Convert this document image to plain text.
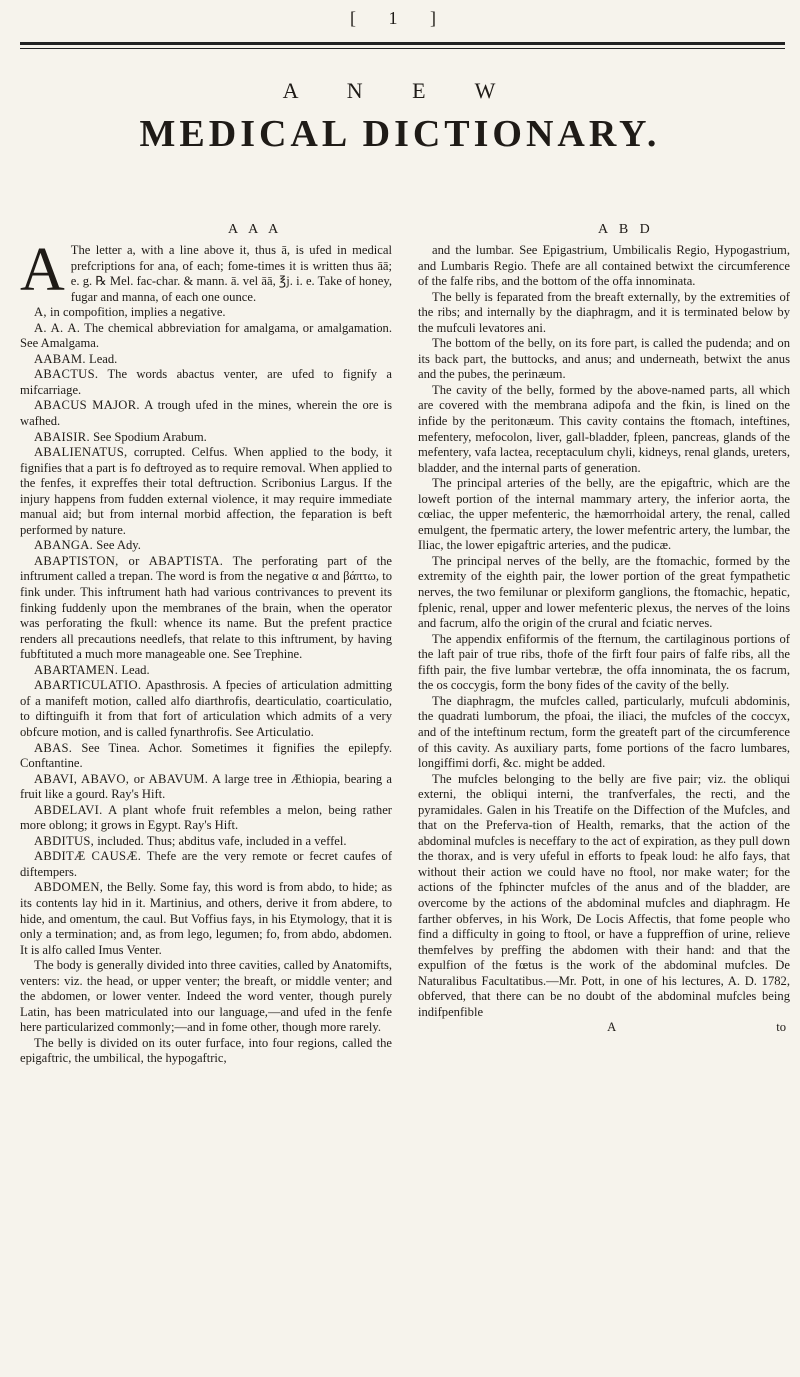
[ 1 ]
A N E W
MEDICAL DICTIONARY.
A A A	A B D

A The letter a, with a line above it, thus ā, is ufed in medical prefcriptions for ana, of each; fome-times it is written thus āā; e. g. ℞ Mel. fac-char. & mann. ā. vel āā, ℥j. i. e. Take of honey, fugar and manna, of each one ounce.

A, in compofition, implies a negative.

A. A. A. The chemical abbreviation for amalgama, or amalgamation. See Amalgama.

AABAM. Lead.

ABACTUS. The words abactus venter, are ufed to fignify a mifcarriage.

ABACUS MAJOR. A trough ufed in the mines, wherein the ore is wafhed.

ABAISIR. See Spodium Arabum.

ABALIENATUS, corrupted. Celfus. When applied to the body, it fignifies that a part is fo deftroyed as to require removal. When applied to the fenfes, it expreffes their total deftruction. Scribonius Largus. If the injury happens from fudden external violence, it may require immediate manual aid; but from internal morbid affection, the feparation is beft performed by nature.

ABANGA. See Ady.

ABAPTISTON, or ABAPTISTA. The perforating part of the inftrument called a trepan. The word is from the negative α and βάπτω, to fink under. This inftrument hath had various contrivances to prevent its finking fuddenly upon the membranes of the brain, when the operator was perforating the fkull: whence its name. But the prefent practice renders all precautions needlefs, that relate to this inftrument, by having fubftituted a much more manageable one. See Trephine.

ABARTAMEN. Lead.

ABARTICULATIO. Apasthrosis. A fpecies of articulation admitting of a manifeft motion, called alfo diarthrofis, dearticulatio, coarticulatio, to diftinguifh it from that fort of articulation which admits of a very obfcure motion, and is called fynarthrofis. See Articulatio.

ABAS. See Tinea. Achor. Sometimes it fignifies the epilepfy. Conftantine.

ABAVI, ABAVO, or ABAVUM. A large tree in Æthiopia, bearing a fruit like a gourd. Ray's Hift.

ABDELAVI. A plant whofe fruit refembles a melon, being rather more oblong; it grows in Egypt. Ray's Hift.

ABDITUS, included. Thus; abditus vafe, included in a veffel.

ABDITÆ CAUSÆ. Thefe are the very remote or fecret caufes of diftempers.

ABDOMEN, the Belly. Some fay, this word is from abdo, to hide; as its contents lay hid in it. Martinius, and others, derive it from abdere, to hide, and omentum, the caul. But Voffius fays, in his Etymology, that it is only a termination; and, as from lego, legumen; fo, from abdo, abdomen. It is alfo called Imus Venter.

The body is generally divided into three cavities, called by Anatomifts, venters: viz. the head, or upper venter; the breaft, or middle venter; and the abdomen, or lower venter. Indeed the word venter, though purely Latin, has been matriculated into our language,—and ufed in the fenfe here particularized commonly;—and in fome other, though more rarely.

The belly is divided on its outer furface, into four regions, called the epigaftric, the umbilical, the hypogaftric,

and the lumbar. See Epigastrium, Umbilicalis Regio, Hypogastrium, and Lumbaris Regio. Thefe are all contained betwixt the circumference of the falfe ribs, and the bottom of the offa innominata.

The belly is feparated from the breaft externally, by the extremities of the ribs; and internally by the diaphragm, and it is terminated below by the mufculi levatores ani.

The bottom of the belly, on its fore part, is called the pudenda; and on its back part, the buttocks, and anus; and underneath, betwixt the anus and the pubes, the perinæum.

The cavity of the belly, formed by the above-named parts, all which are covered with the membrana adipofa and the fkin, is lined on the infide by the peritonæum. This cavity contains the ftomach, inteftines, mefentery, mefocolon, liver, gall-bladder, fpleen, pancreas, glands of the mefentery, vafa lactea, receptaculum chyli, kidneys, renal glands, ureters, bladder, and the internal parts of generation.

The principal arteries of the belly, are the epigaftric, which are the loweft portion of the internal mammary artery, the inferior aorta, the cœliac, the upper mefenteric, the hæmorrhoidal artery, the renal, called emulgent, the fpermatic artery, the lower mefentric artery, the lumbar, the Iliac, the lower epigaftric arteries, and the pudicæ.

The principal nerves of the belly, are the ftomachic, formed by the extremity of the eighth pair, the lower portion of the great fympathetic nerves, the two femilunar or plexiform ganglions, the ftomachic, hepatic, fplenic, renal, upper and lower mefenteric plexus, the nerves of the loins and facrum, alfo the origin of the crural and fciatic nerves.

The appendix enfiformis of the fternum, the cartilaginous portions of the laft pair of true ribs, thofe of the firft four pairs of falfe ribs, all the fifth pair, the five lumbar vertebræ, the offa innominata, the os facrum, the os coccygis, form the bony fides of the cavity of the belly.

The diaphragm, the mufcles called, particularly, mufculi abdominis, the quadrati lumborum, the pfoai, the iliaci, the mufcles of the coccyx, and of the inteftinum rectum, form the greateft part of the circumference of this cavity. As auxiliary parts, fome portions of the facro lumbares, longiffimi dorfi, &c. might be added.

The mufcles belonging to the belly are five pair; viz. the obliqui externi, the obliqui interni, the tranfverfales, the recti, and the pyramidales. Galen in his Treatife on the Diffection of the Mufcles, and that on the Preferva-tion of Health, remarks, that the action of the abdominal mufcles is neceffary to the act of expiration, as they pull down the thorax, and is very ufeful in efforts to fpeak loud: he alfo fays, that without their action we could have no ftool, nor make water; for the actions of the fphincter mufcles of the anus and of the bladder, are overcome by the actions of the abdominal mufcles and diaphragm. He farther obferves, in his Work, De Locis Affectis, that fome people who find a difficulty in going to ftool, or have a fuppreffion of urine, relieve themfelves by preffing the abdomen with their hand: and that the expulfion of the fœtus is the work of the abdominal mufcles. De Naturalibus Facultatibus.—Mr. Pott, in one of his lectures, A. D. 1782, obferved, that there can be no doubt of the abdominal mufcles being indifpenfible

A	to
